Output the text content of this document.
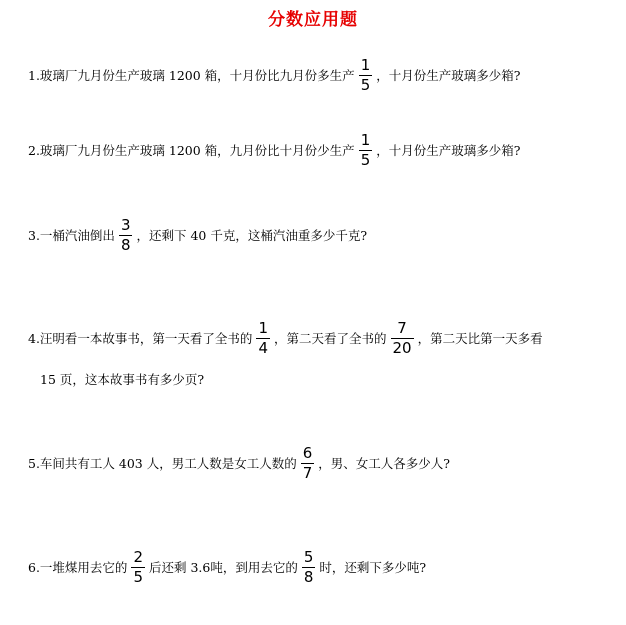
分数应用题
1.玻璃厂九月份生产玻璃 1200 箱，十月份比九月份多生产 $\frac{1}{5}$ ，十月份生产玻璃多少箱?
2.玻璃厂九月份生产玻璃 1200 箱，九月份比十月份少生产 $\frac{1}{5}$ ，十月份生产玻璃多少箱?
3.一桶汽油倒出 $\frac{3}{8}$ ，还剩下 40 千克，这桶汽油重多少千克?
4.汪明看一本故事书，第一天看了全书的 $\frac{1}{4}$ ，第二天看了全书的 $\frac{7}{20}$ ，第二天比第一天多看
15 页，这本故事书有多少页?
5.车间共有工人 403 人，男工人数是女工人数的 $\frac{6}{7}$ ，男、女工人各多少人?
6.一堆煤用去它的 $\frac{2}{5}$ 后还剩 3.6吨，到用去它的 $\frac{5}{8}$ 时，还剩下多少吨?
